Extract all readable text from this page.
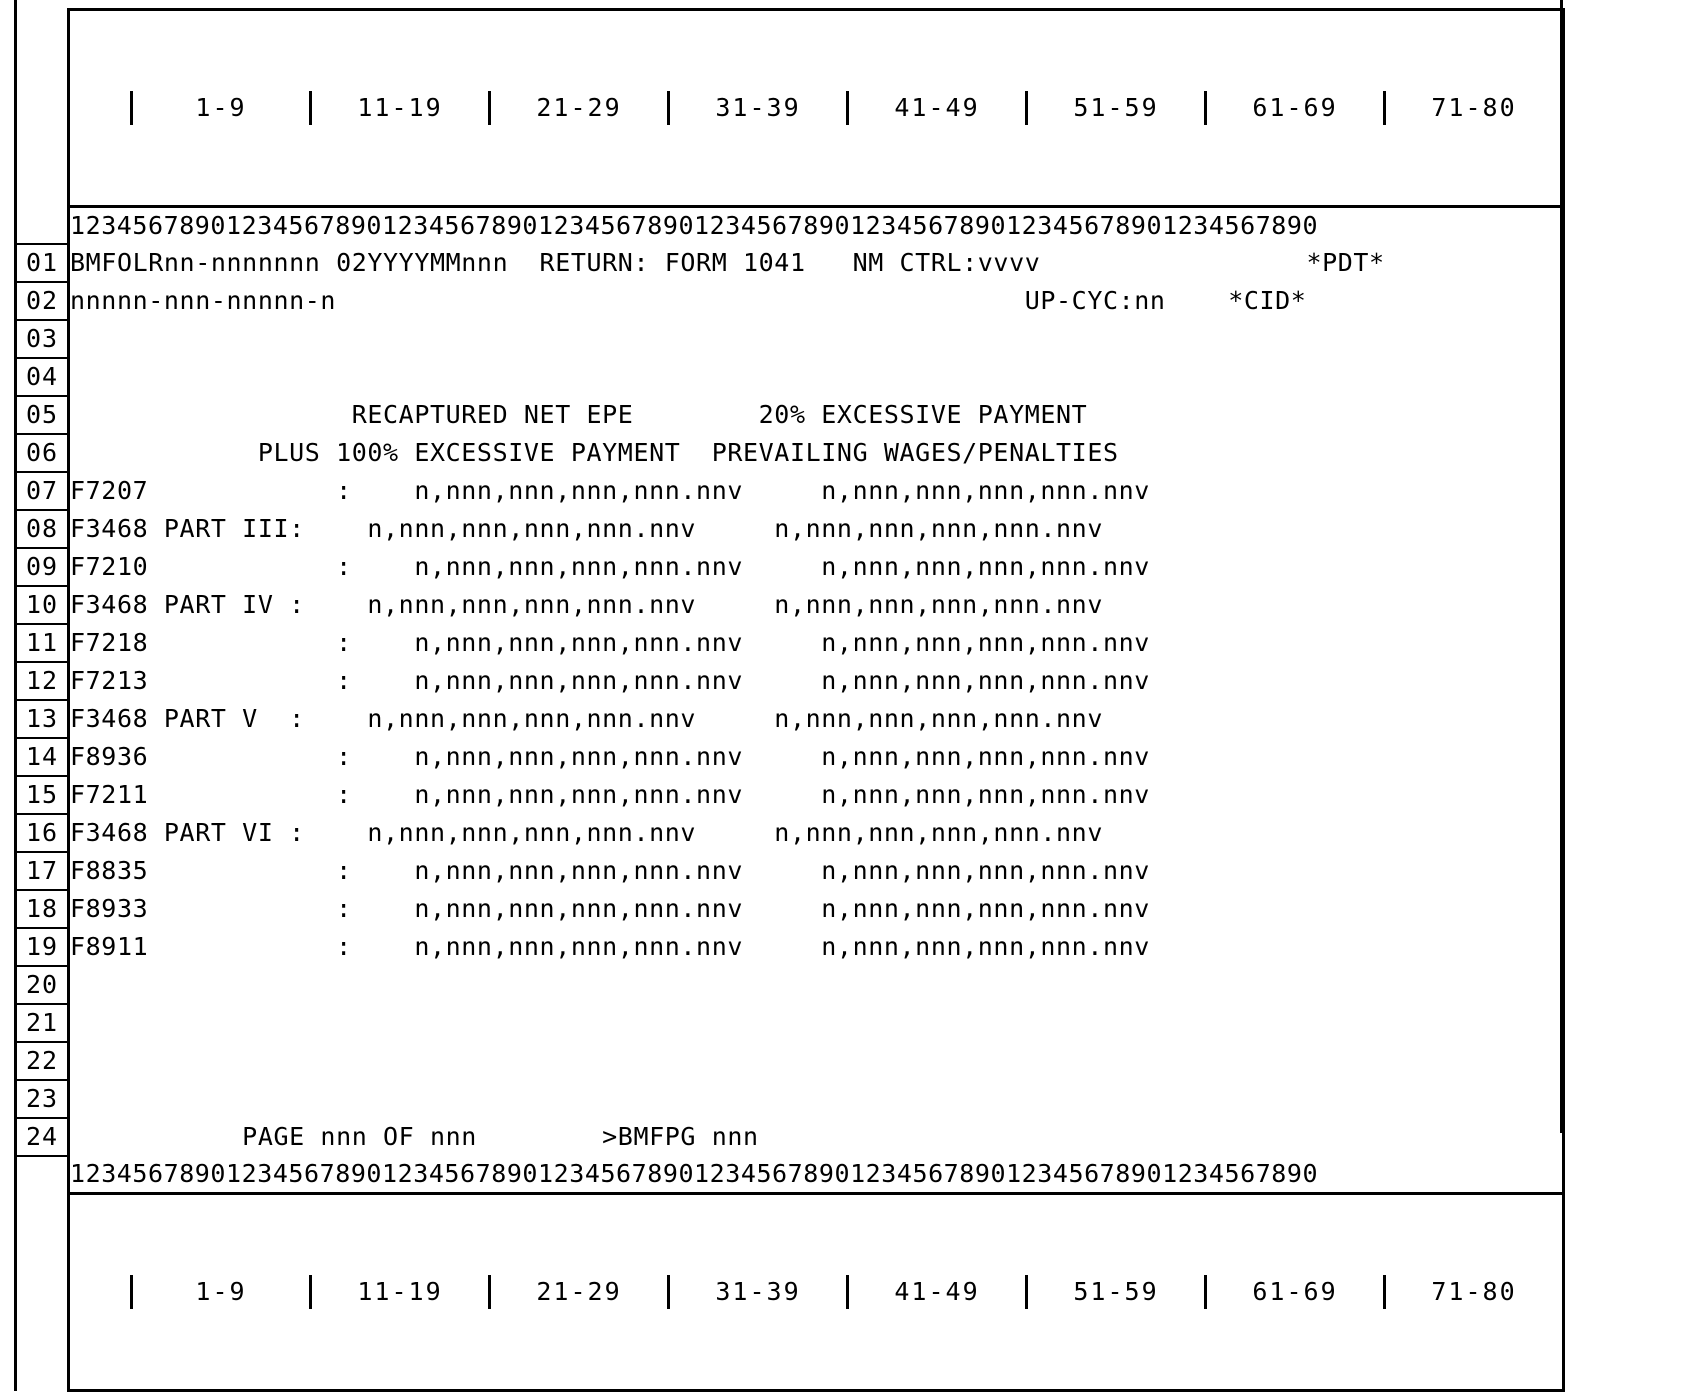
1-9	11-19	21-29	31-39	41-49	51-59	61-69	71-80

	12345678901234567890123456789012345678901234567890123456789012345678901234567890
01	BMFOLRnn-nnnnnnn 02YYYYMMnnn  RETURN: FORM 1041   NM CTRL:vvvv                 *PDT*
02	nnnnn-nnn-nnnnn-n                                            UP-CYC:nn    *CID*
03	
04	
05	RECAPTURED NET EPE        20% EXCESSIVE PAYMENT
06	PLUS 100% EXCESSIVE PAYMENT  PREVAILING WAGES/PENALTIES
07	F7207            :    n,nnn,nnn,nnn,nnn.nnv     n,nnn,nnn,nnn,nnn.nnv
08	F3468 PART III:    n,nnn,nnn,nnn,nnn.nnv     n,nnn,nnn,nnn,nnn.nnv
09	F7210            :    n,nnn,nnn,nnn,nnn.nnv     n,nnn,nnn,nnn,nnn.nnv
10	F3468 PART IV :    n,nnn,nnn,nnn,nnn.nnv     n,nnn,nnn,nnn,nnn.nnv
11	F7218            :    n,nnn,nnn,nnn,nnn.nnv     n,nnn,nnn,nnn,nnn.nnv
12	F7213            :    n,nnn,nnn,nnn,nnn.nnv     n,nnn,nnn,nnn,nnn.nnv
13	F3468 PART V  :    n,nnn,nnn,nnn,nnn.nnv     n,nnn,nnn,nnn,nnn.nnv
14	F8936            :    n,nnn,nnn,nnn,nnn.nnv     n,nnn,nnn,nnn,nnn.nnv
15	F7211            :    n,nnn,nnn,nnn,nnn.nnv     n,nnn,nnn,nnn,nnn.nnv
16	F3468 PART VI :    n,nnn,nnn,nnn,nnn.nnv     n,nnn,nnn,nnn,nnn.nnv
17	F8835            :    n,nnn,nnn,nnn,nnn.nnv     n,nnn,nnn,nnn,nnn.nnv
18	F8933            :    n,nnn,nnn,nnn,nnn.nnv     n,nnn,nnn,nnn,nnn.nnv
19	F8911            :    n,nnn,nnn,nnn,nnn.nnv     n,nnn,nnn,nnn,nnn.nnv
20	
21	
22	
23	
24	PAGE nnn OF nnn        >BMFPG nnn
	12345678901234567890123456789012345678901234567890123456789012345678901234567890

1-9	11-19	21-29	31-39	41-49	51-59	61-69	71-80
